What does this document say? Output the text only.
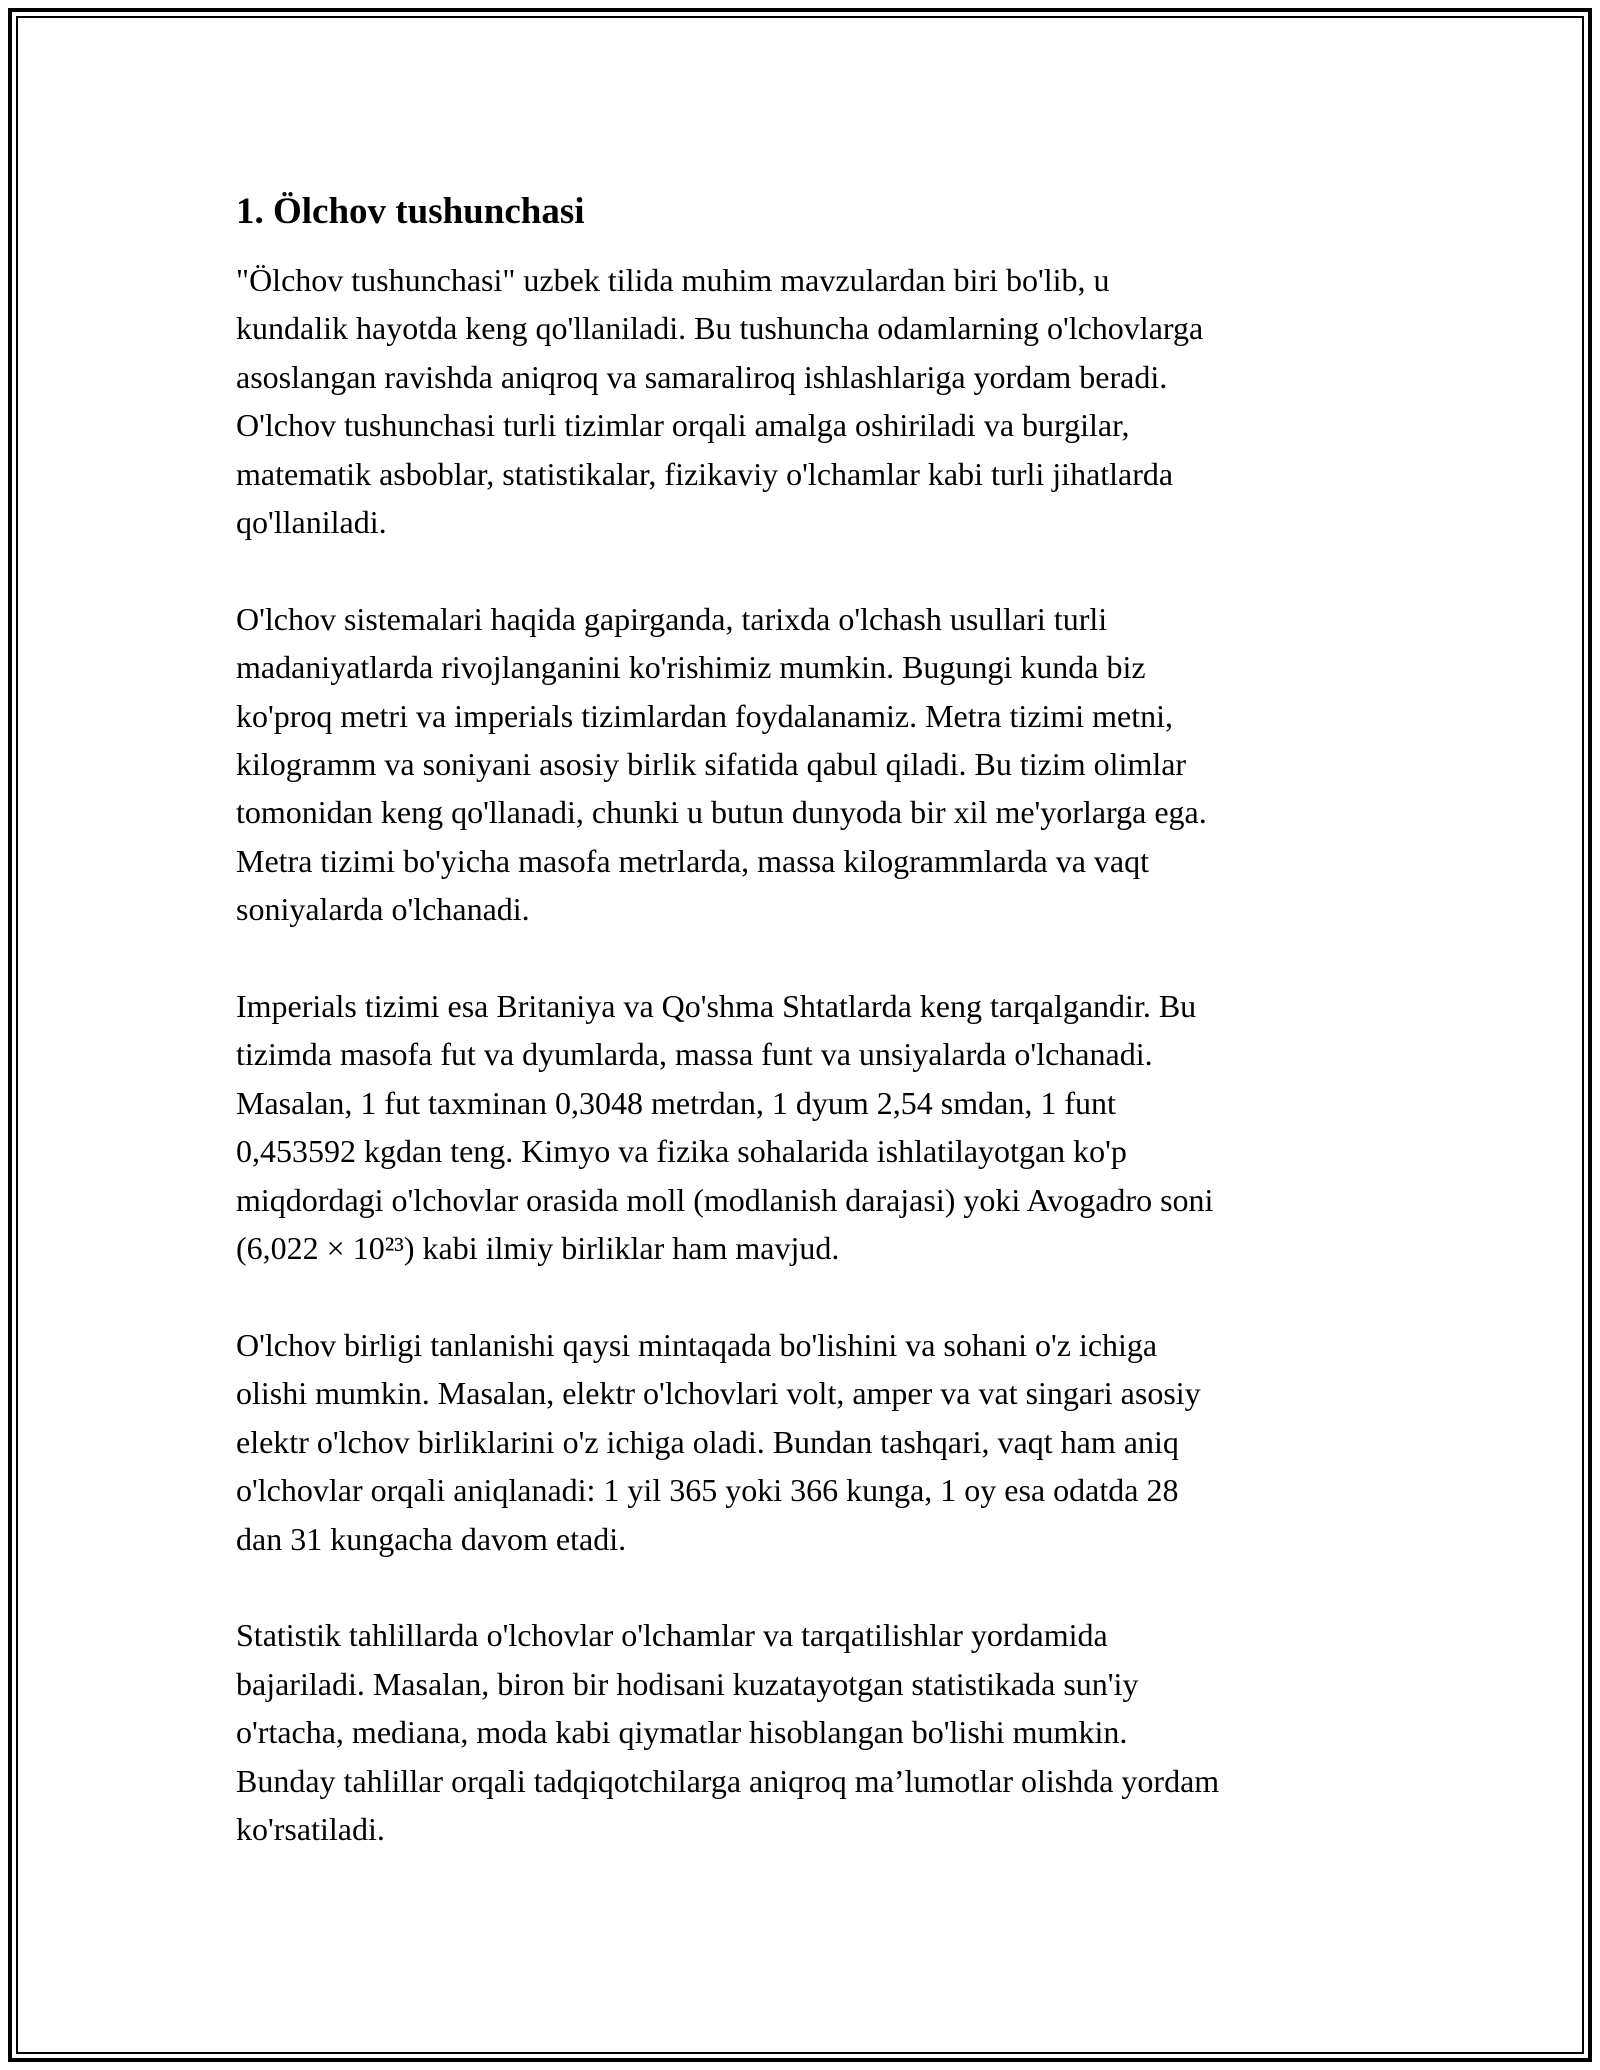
1. Ölchov tushunchasi

"Ölchov tushunchasi" uzbek tilida muhim mavzulardan biri bo'lib, u
kundalik hayotda keng qo'llaniladi. Bu tushuncha odamlarning o'lchovlarga
asoslangan ravishda aniqroq va samaraliroq ishlashlariga yordam beradi.
O'lchov tushunchasi turli tizimlar orqali amalga oshiriladi va burgilar,
matematik asboblar, statistikalar, fizikaviy o'lchamlar kabi turli jihatlarda
qo'llaniladi.

O'lchov sistemalari haqida gapirganda, tarixda o'lchash usullari turli
madaniyatlarda rivojlanganini ko'rishimiz mumkin. Bugungi kunda biz
ko'proq metri va imperials tizimlardan foydalanamiz. Metra tizimi metni,
kilogramm va soniyani asosiy birlik sifatida qabul qiladi. Bu tizim olimlar
tomonidan keng qo'llanadi, chunki u butun dunyoda bir xil me'yorlarga ega.
Metra tizimi bo'yicha masofa metrlarda, massa kilogrammlarda va vaqt
soniyalarda o'lchanadi.

Imperials tizimi esa Britaniya va Qo'shma Shtatlarda keng tarqalgandir. Bu
tizimda masofa fut va dyumlarda, massa funt va unsiyalarda o'lchanadi.
Masalan, 1 fut taxminan 0,3048 metrdan, 1 dyum 2,54 smdan, 1 funt
0,453592 kgdan teng. Kimyo va fizika sohalarida ishlatilayotgan ko'p
miqdordagi o'lchovlar orasida moll (modlanish darajasi) yoki Avogadro soni
(6,022 × 10²³) kabi ilmiy birliklar ham mavjud.

O'lchov birligi tanlanishi qaysi mintaqada bo'lishini va sohani o'z ichiga
olishi mumkin. Masalan, elektr o'lchovlari volt, amper va vat singari asosiy
elektr o'lchov birliklarini o'z ichiga oladi. Bundan tashqari, vaqt ham aniq
o'lchovlar orqali aniqlanadi: 1 yil 365 yoki 366 kunga, 1 oy esa odatda 28
dan 31 kungacha davom etadi.

Statistik tahlillarda o'lchovlar o'lchamlar va tarqatilishlar yordamida
bajariladi. Masalan, biron bir hodisani kuzatayotgan statistikada sun'iy
o'rtacha, mediana, moda kabi qiymatlar hisoblangan bo'lishi mumkin.
Bunday tahlillar orqali tadqiqotchilarga aniqroq ma’lumotlar olishda yordam
ko'rsatiladi.
